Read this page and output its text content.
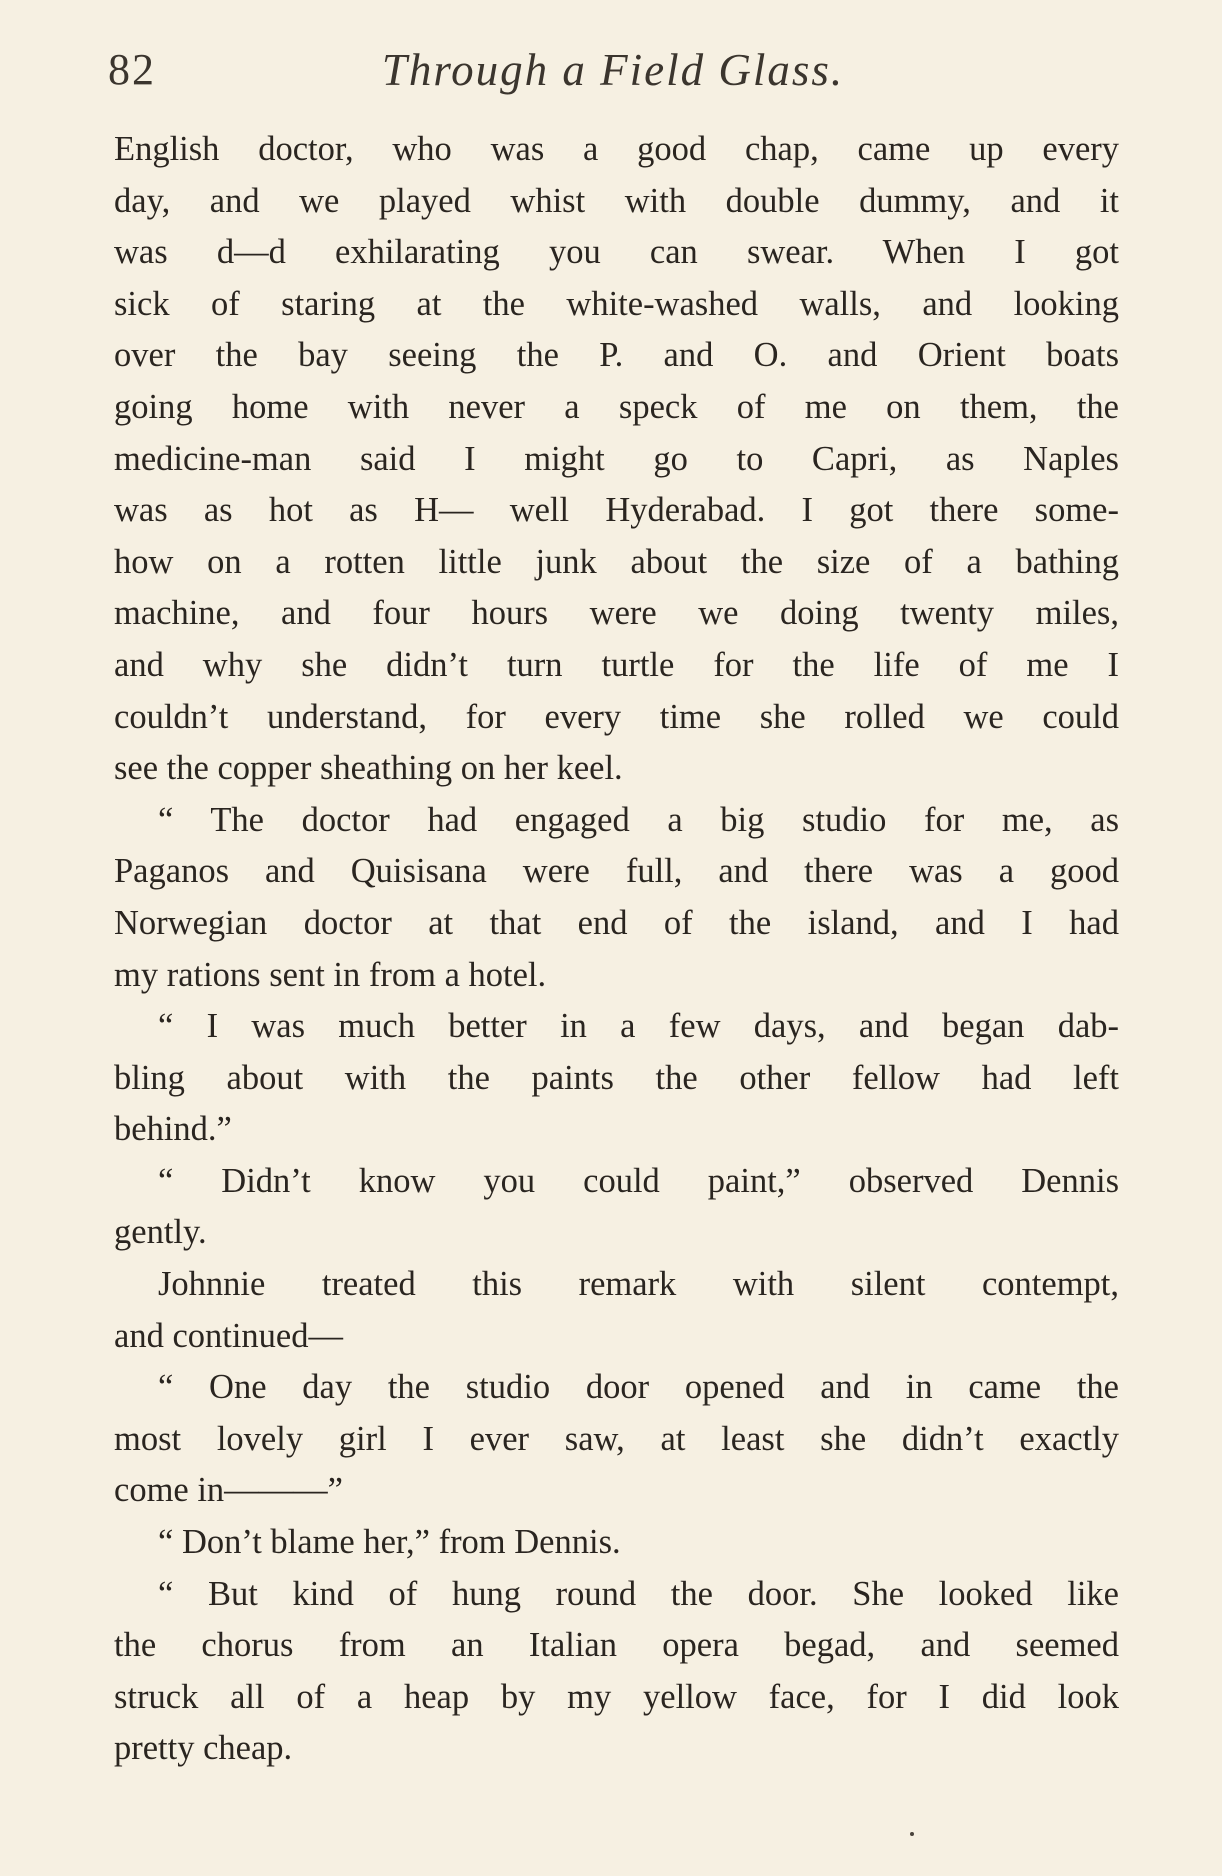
82	Through a Field Glass.
English doctor, who was a good chap, came up every
day, and we played whist with double dummy, and it
was d—d exhilarating you can swear. When I got
sick of staring at the white-washed walls, and looking
over the bay seeing the P. and O. and Orient boats
going home with never a speck of me on them, the
medicine-man said I might go to Capri, as Naples
was as hot as H— well Hyderabad. I got there some-
how on a rotten little junk about the size of a bathing
machine, and four hours were we doing twenty miles,
and why she didn’t turn turtle for the life of me I
couldn’t understand, for every time she rolled we could
see the copper sheathing on her keel.
“ The doctor had engaged a big studio for me, as
Paganos and Quisisana were full, and there was a good
Norwegian doctor at that end of the island, and I had
my rations sent in from a hotel.
“ I was much better in a few days, and began dab-
bling about with the paints the other fellow had left
behind.”
“ Didn’t know you could paint,” observed Dennis
gently.
Johnnie treated this remark with silent contempt,
and continued—
“ One day the studio door opened and in came the
most lovely girl I ever saw, at least she didn’t exactly
come in———”
“ Don’t blame her,” from Dennis.
“ But kind of hung round the door. She looked like
the chorus from an Italian opera begad, and seemed
struck all of a heap by my yellow face, for I did look
pretty cheap.
